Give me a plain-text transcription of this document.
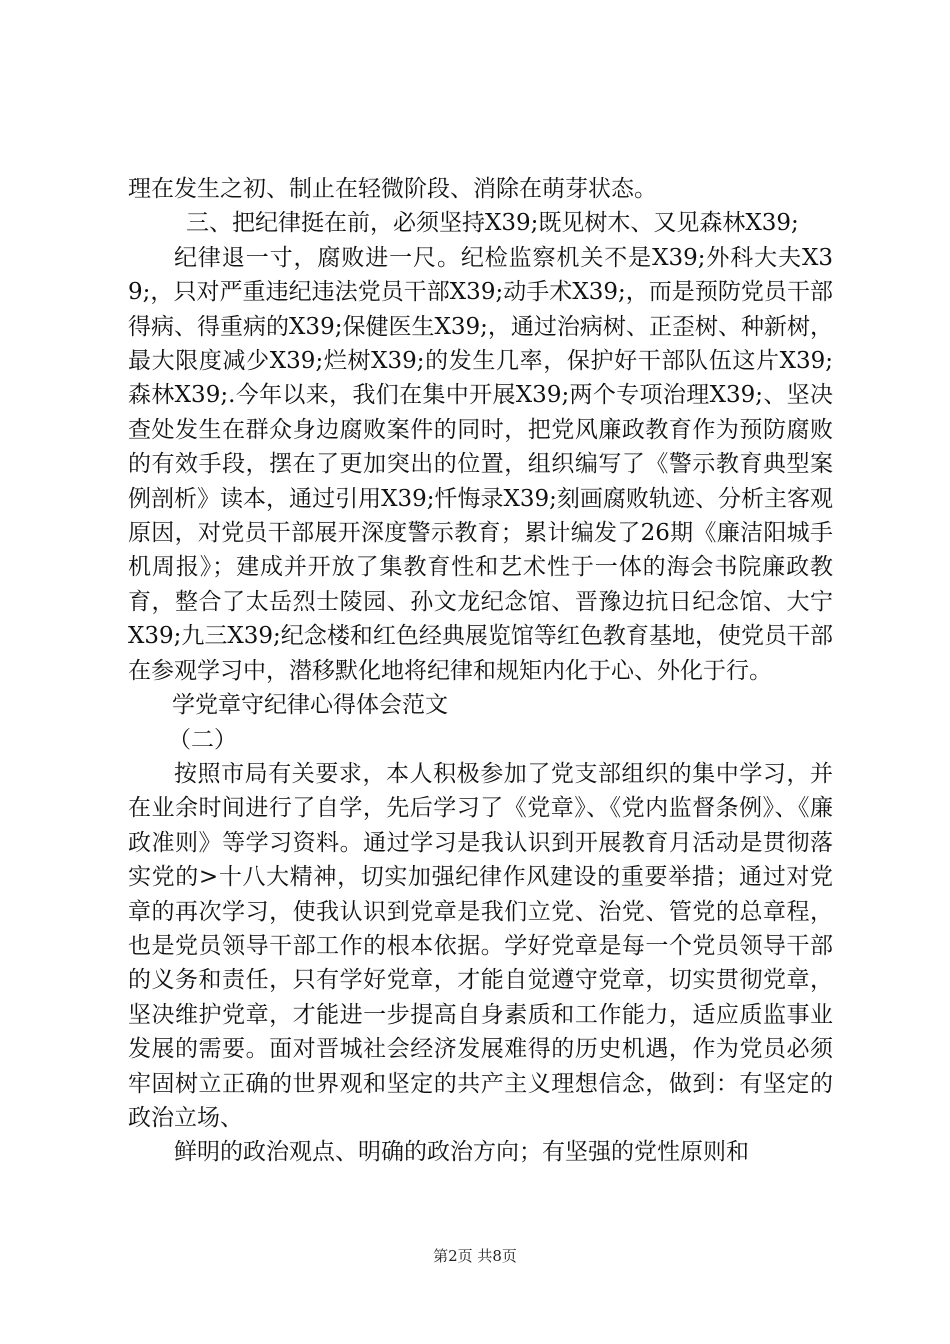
理在发生之初、制止在轻微阶段、消除在萌芽状态。

三、把纪律挺在前，必须坚持X39;既见树木、又见森林X39;

纪律退一寸，腐败进一尺。纪检监察机关不是X39;外科大夫X39;，只对严重违纪违法党员干部X39;动手术X39;，而是预防党员干部得病、得重病的X39;保健医生X39;，通过治病树、正歪树、种新树，最大限度减少X39;烂树X39;的发生几率，保护好干部队伍这片X39;森林X39;.今年以来，我们在集中开展X39;两个专项治理X39;、坚决查处发生在群众身边腐败案件的同时，把党风廉政教育作为预防腐败的有效手段，摆在了更加突出的位置，组织编写了《警示教育典型案例剖析》读本，通过引用X39;忏悔录X39;刻画腐败轨迹、分析主客观原因，对党员干部展开深度警示教育；累计编发了26期《廉洁阳城手机周报》；建成并开放了集教育性和艺术性于一体的海会书院廉政教育，整合了太岳烈士陵园、孙文龙纪念馆、晋豫边抗日纪念馆、大宁X39;九三X39;纪念楼和红色经典展览馆等红色教育基地，使党员干部在参观学习中，潜移默化地将纪律和规矩内化于心、外化于行。

学党章守纪律心得体会范文

（二）

按照市局有关要求，本人积极参加了党支部组织的集中学习，并在业余时间进行了自学，先后学习了《党章》、《党内监督条例》、《廉政准则》等学习资料。通过学习是我认识到开展教育月活动是贯彻落实党的>十八大精神，切实加强纪律作风建设的重要举措；通过对党章的再次学习，使我认识到党章是我们立党、治党、管党的总章程，也是党员领导干部工作的根本依据。学好党章是每一个党员领导干部的义务和责任，只有学好党章，才能自觉遵守党章，切实贯彻党章，坚决维护党章，才能进一步提高自身素质和工作能力，适应质监事业发展的需要。面对晋城社会经济发展难得的历史机遇，作为党员必须牢固树立正确的世界观和坚定的共产主义理想信念，做到：有坚定的政治立场、

鲜明的政治观点、明确的政治方向；有坚强的党性原则和

第2页 共8页
